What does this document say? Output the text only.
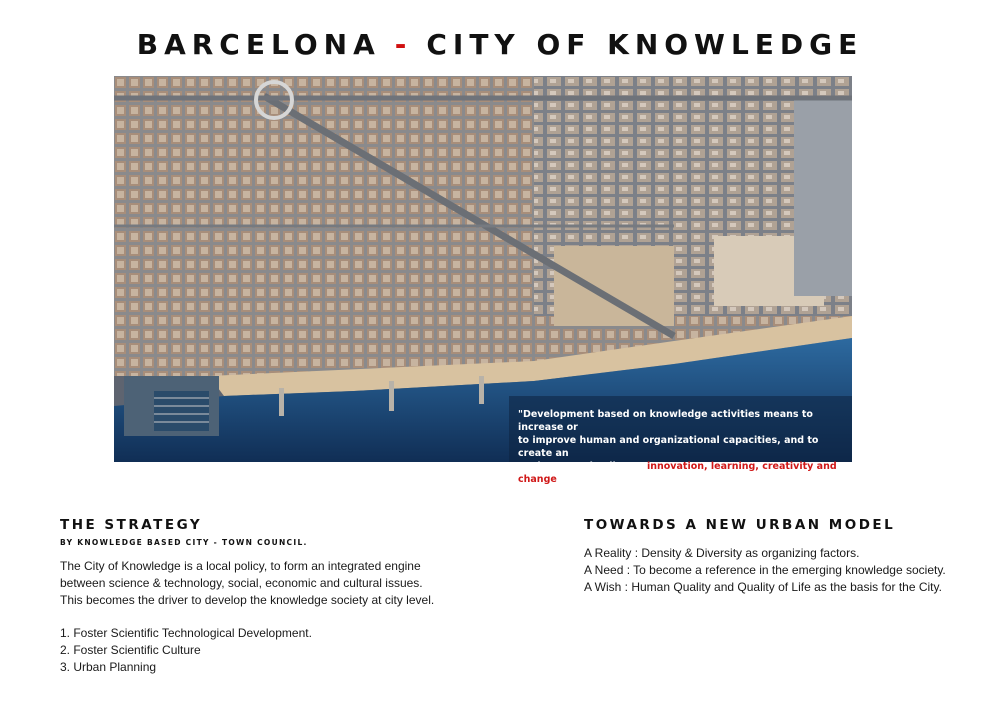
BARCELONA - CITY OF KNOWLEDGE
"Development based on knowledge activities means to increase or
to improve human and organizational capacities, and to create an
environment leading to innovation, learning, creativity and change"
THE STRATEGY
BY KNOWLEDGE BASED CITY - TOWN COUNCIL.
The City of Knowledge is a local policy, to form an integrated engine
between science & technology, social, economic and cultural issues.
This becomes the driver to develop the knowledge society at city level.
1. Foster Scientific Technological Development.
2. Foster Scientific Culture
3. Urban Planning
TOWARDS A NEW URBAN MODEL
A Reality : Density & Diversity as organizing factors.
A Need : To become a reference in the emerging knowledge society.
A Wish : Human Quality and Quality of Life as the basis for the City.
